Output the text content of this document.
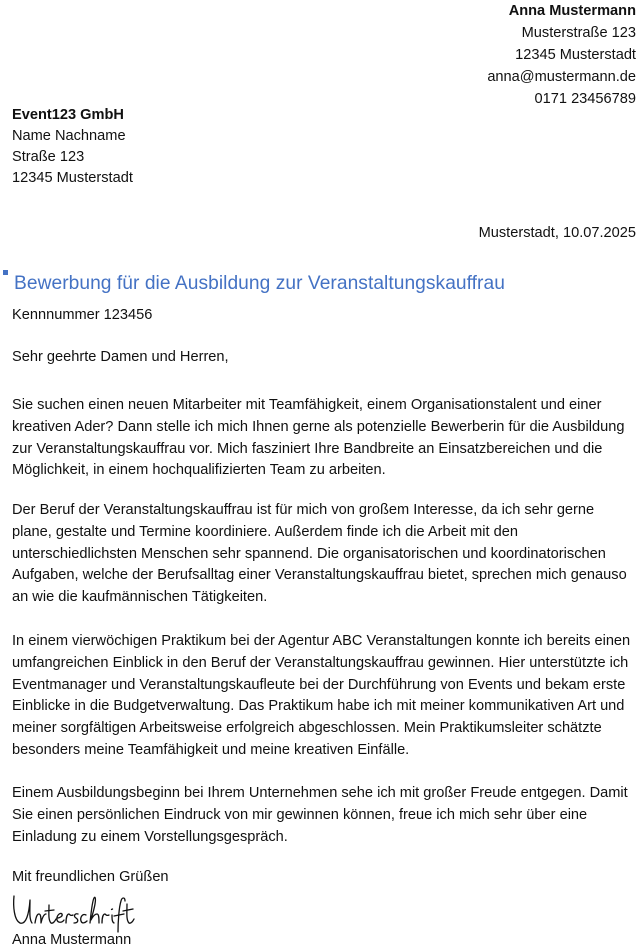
Anna Mustermann
Musterstraße 123
12345 Musterstadt
anna@mustermann.de
0171 23456789
Event123 GmbH
Name Nachname
Straße 123
12345 Musterstadt
Musterstadt, 10.07.2025
Bewerbung für die Ausbildung zur Veranstaltungskauffrau
Kennnummer 123456
Sehr geehrte Damen und Herren,
Sie suchen einen neuen Mitarbeiter mit Teamfähigkeit, einem Organisationstalent und einer kreativen Ader? Dann stelle ich mich Ihnen gerne als potenzielle Bewerberin für die Ausbildung zur Veranstaltungskauffrau vor. Mich fasziniert Ihre Bandbreite an Einsatzbereichen und die Möglichkeit, in einem hochqualifizierten Team zu arbeiten.
Der Beruf der Veranstaltungskauffrau ist für mich von großem Interesse, da ich sehr gerne plane, gestalte und Termine koordiniere. Außerdem finde ich die Arbeit mit den unterschiedlichsten Menschen sehr spannend. Die organisatorischen und koordinatorischen Aufgaben, welche der Berufsalltag einer Veranstaltungskauffrau bietet, sprechen mich genauso an wie die kaufmännischen Tätigkeiten.
In einem vierwöchigen Praktikum bei der Agentur ABC Veranstaltungen konnte ich bereits einen umfangreichen Einblick in den Beruf der Veranstaltungskauffrau gewinnen. Hier unterstützte ich Eventmanager und Veranstaltungskaufleute bei der Durchführung von Events und bekam erste Einblicke in die Budgetverwaltung. Das Praktikum habe ich mit meiner kommunikativen Art und meiner sorgfältigen Arbeitsweise erfolgreich abgeschlossen. Mein Praktikumsleiter schätzte besonders meine Teamfähigkeit und meine kreativen Einfälle.
Einem Ausbildungsbeginn bei Ihrem Unternehmen sehe ich mit großer Freude entgegen. Damit Sie einen persönlichen Eindruck von mir gewinnen können, freue ich mich sehr über eine Einladung zu einem Vorstellungsgespräch.
Mit freundlichen Grüßen
Anna Mustermann
